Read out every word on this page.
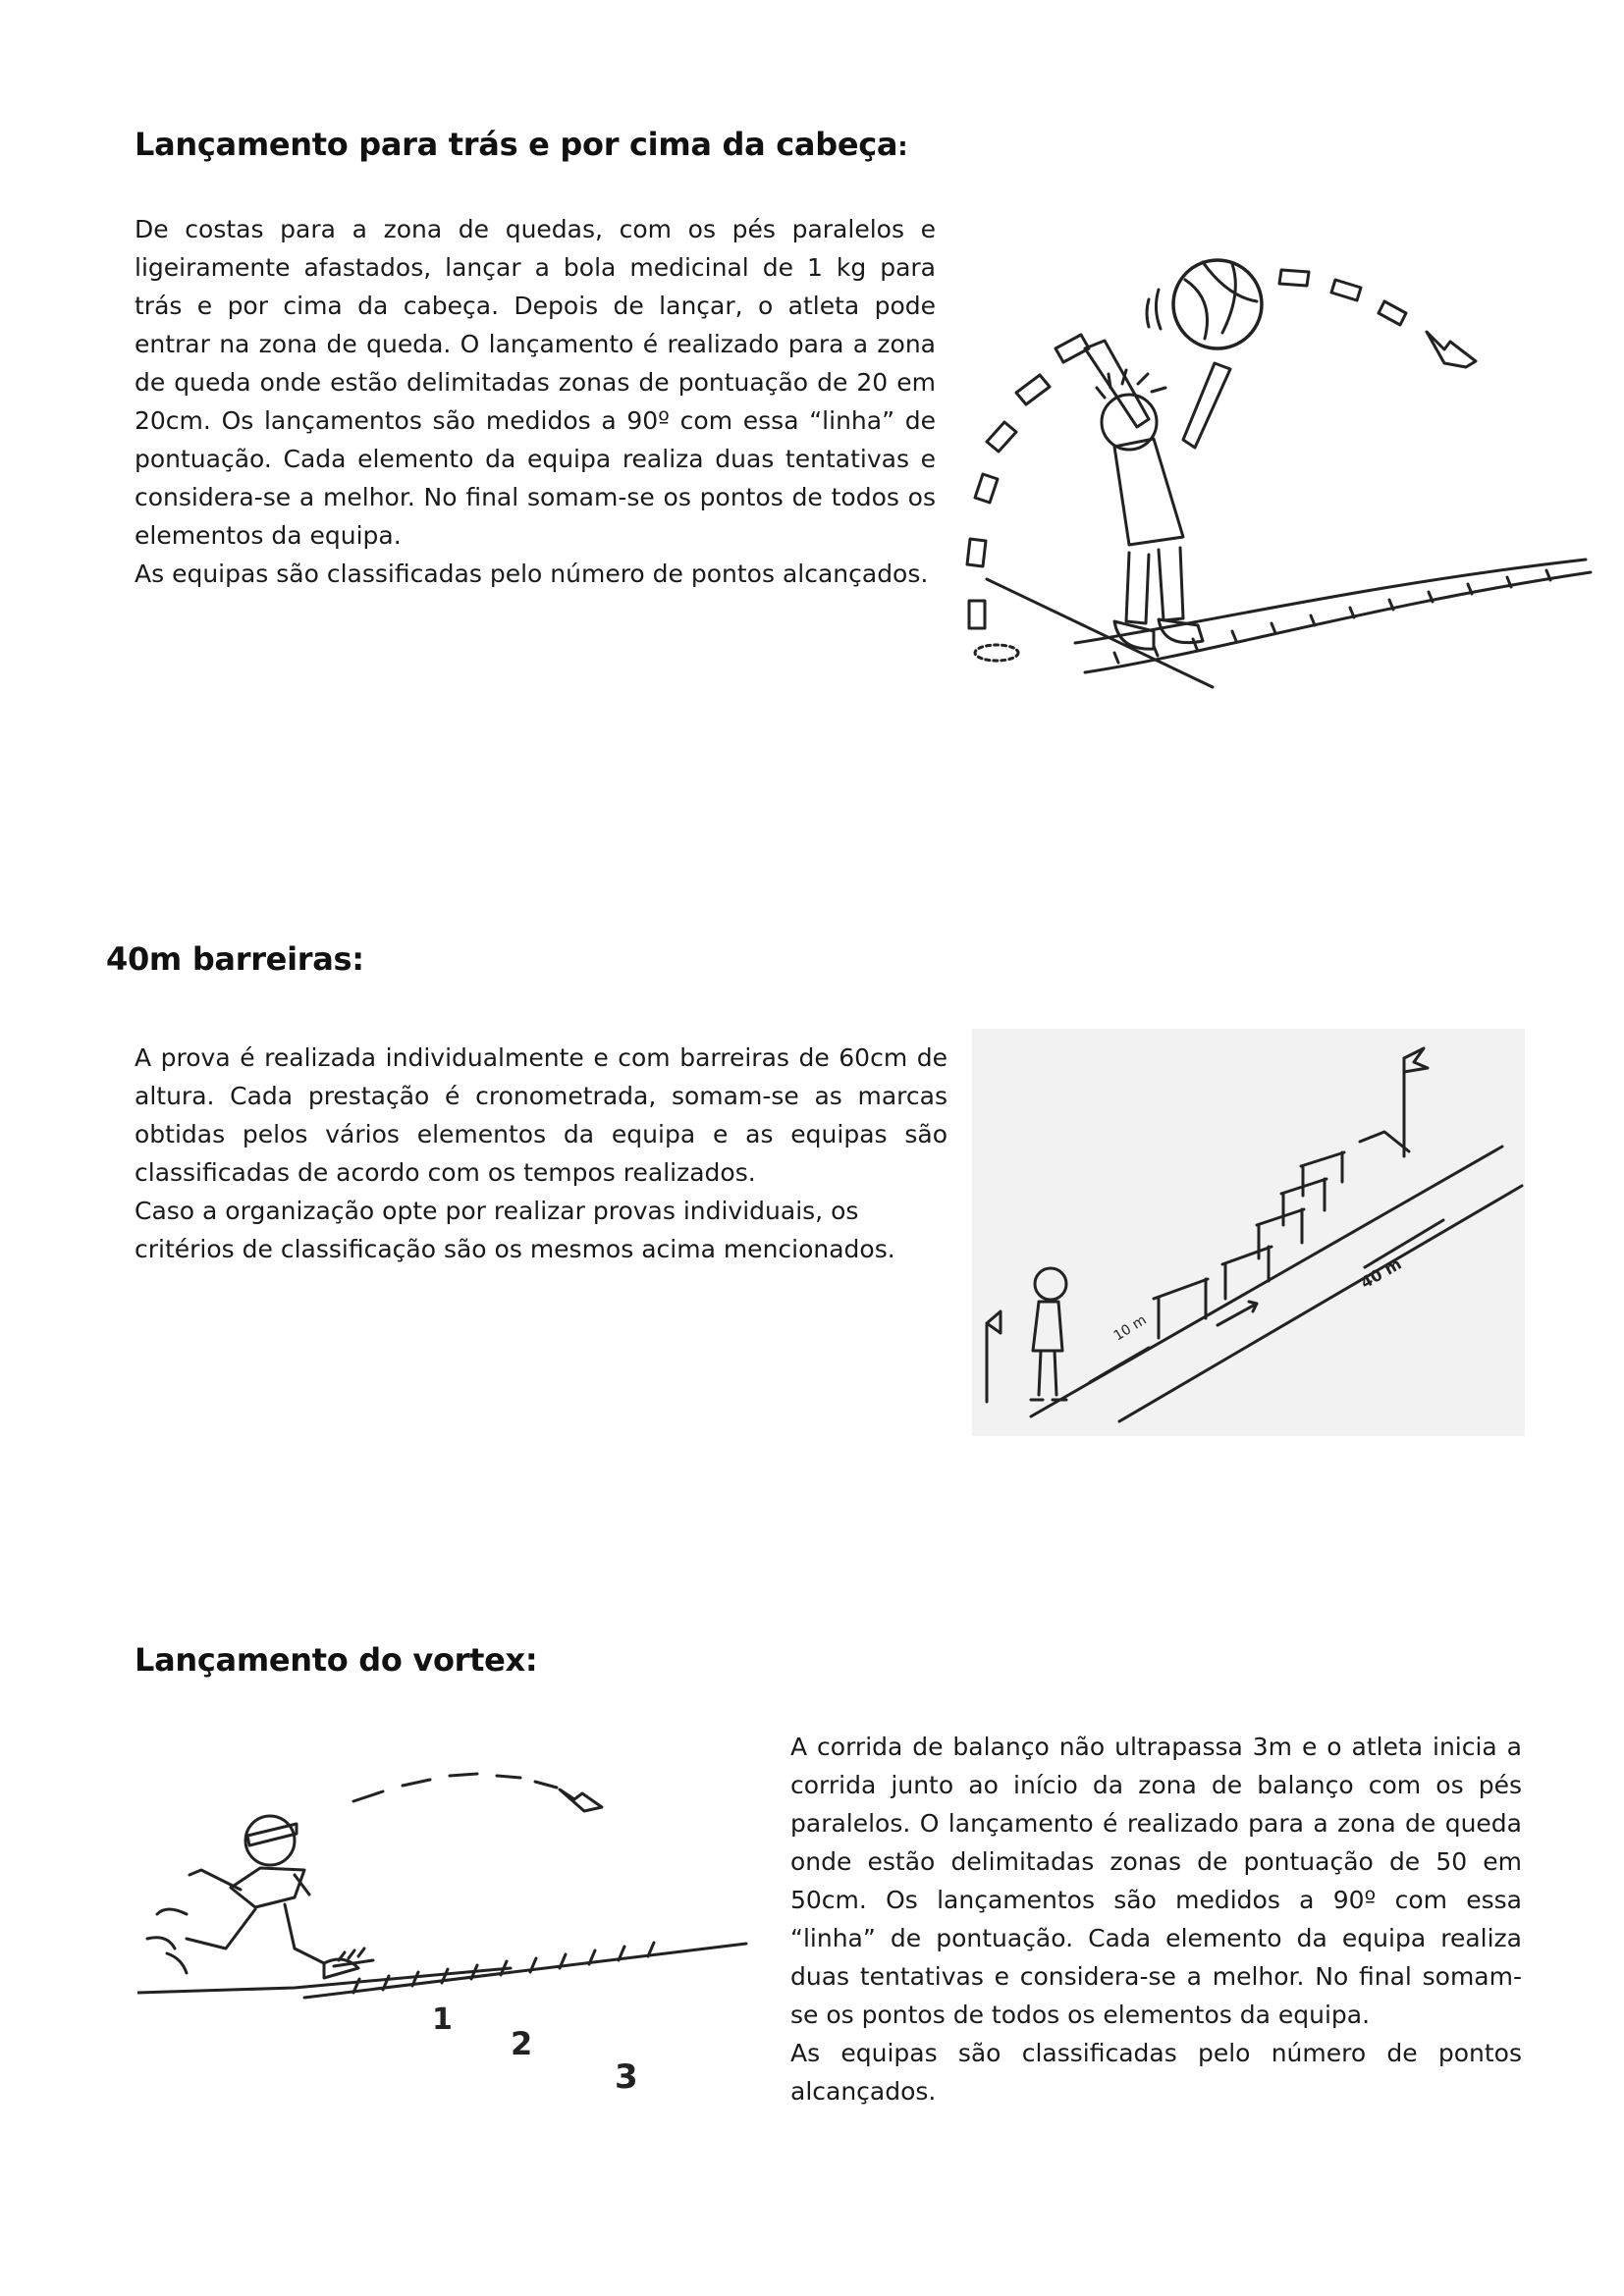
Lançamento para trás e por cima da cabeça:

De costas para a zona de quedas, com os pés paralelos e ligeiramente afastados, lançar a bola medicinal de 1 kg para trás e por cima da cabeça. Depois de lançar, o atleta pode entrar na zona de queda. O lançamento é realizado para a zona de queda onde estão delimitadas zonas de pontuação de 20 em 20cm. Os lançamentos são medidos a 90º com essa “linha” de pontuação. Cada elemento da equipa realiza duas tentativas e considera-se a melhor. No final somam-se os pontos de todos os elementos da equipa.

As equipas são classificadas pelo número de pontos alcançados.

40m barreiras:

A prova é realizada individualmente e com barreiras de 60cm de altura. Cada prestação é cronometrada, somam-se as marcas obtidas pelos vários elementos da equipa e as equipas são classificadas de acordo com os tempos realizados.

Caso a organização opte por realizar provas individuais, os critérios de classificação são os mesmos acima mencionados.

10 m
40 m
Lançamento do vortex:

A corrida de balanço não ultrapassa 3m e o atleta inicia a corrida junto ao início da zona de balanço com os pés paralelos. O lançamento é realizado para a zona de queda onde estão delimitadas zonas de pontuação de 50 em 50cm. Os lançamentos são medidos a 90º com essa “linha” de pontuação. Cada elemento da equipa realiza duas tentativas e considera-se a melhor. No final somam-se os pontos de todos os elementos da equipa.

As equipas são classificadas pelo número de pontos alcançados.

1
2
3
